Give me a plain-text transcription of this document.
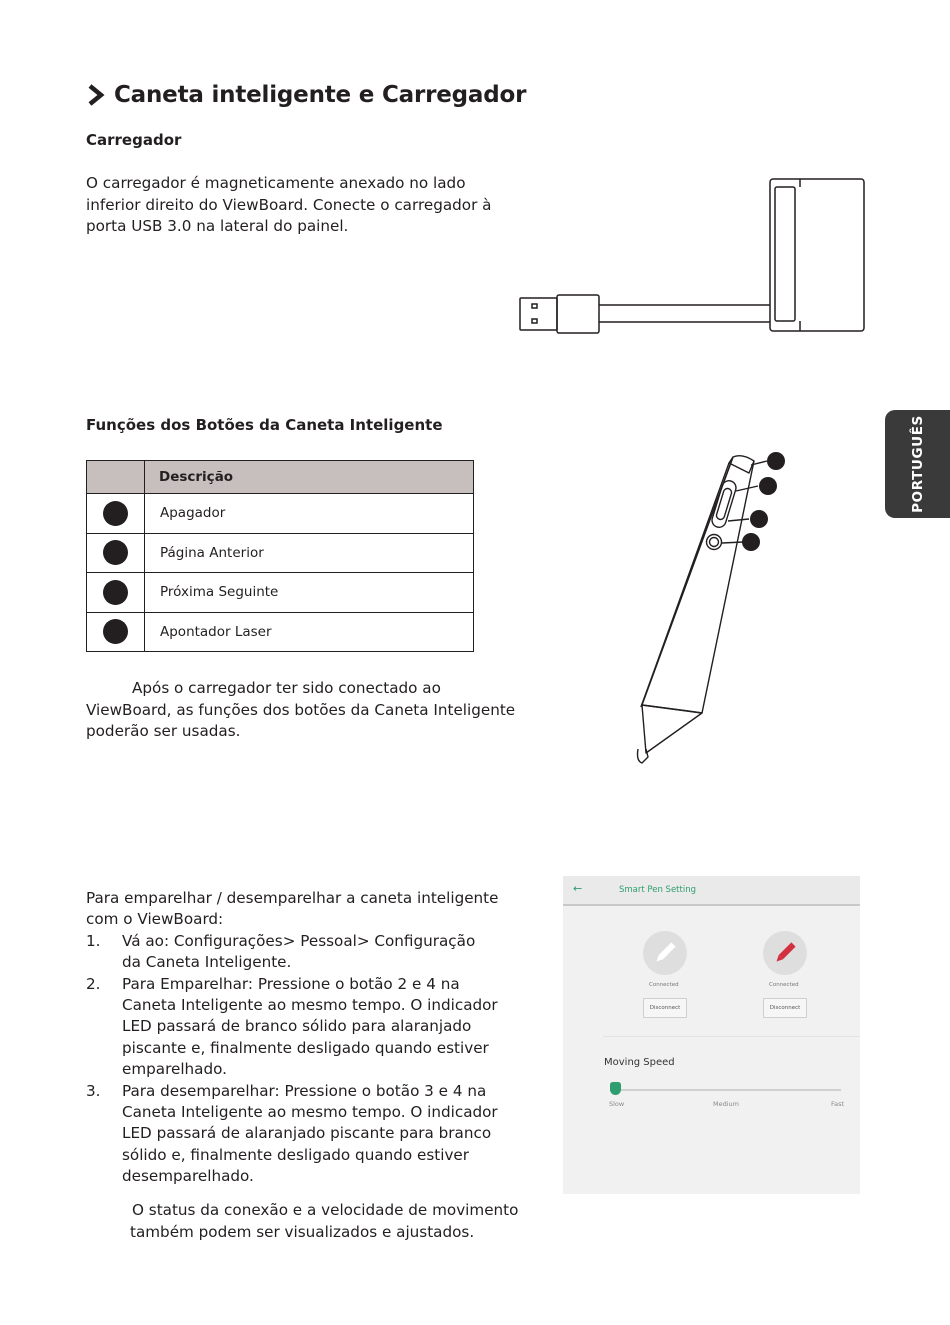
Caneta inteligente e Carregador
Carregador
O carregador é magneticamente anexado no lado inferior direito do ViewBoard. Conecte o carregador à porta USB 3.0 na lateral do painel.
Funções dos Botões da Caneta Inteligente
	Descrição
	Apagador
	Página Anterior
	Próxima Seguinte
	Apontador Laser
Após o carregador ter sido conectado ao ViewBoard, as funções dos botões da Caneta Inteligente poderão ser usadas.
PORTUGUÊS
Para emparelhar / desemparelhar a caneta inteligente com o ViewBoard:
1.	Vá ao: Configurações> Pessoal> Configuração da Caneta Inteligente.
2.	Para Emparelhar: Pressione o botão 2 e 4 na Caneta Inteligente ao mesmo tempo. O indicador LED passará de branco sólido para alaranjado piscante e, finalmente desligado quando estiver emparelhado.
3.	Para desemparelhar: Pressione o botão 3 e 4 na Caneta Inteligente ao mesmo tempo. O indicador LED passará de alaranjado piscante para branco sólido e, finalmente desligado quando estiver desemparelhado.
O status da conexão e a velocidade de movimento também podem ser visualizados e ajustados.
←	Smart Pen Setting
Connected
Disconnect
Connected
Disconnect
Moving Speed
Slow	Medium	Fast
